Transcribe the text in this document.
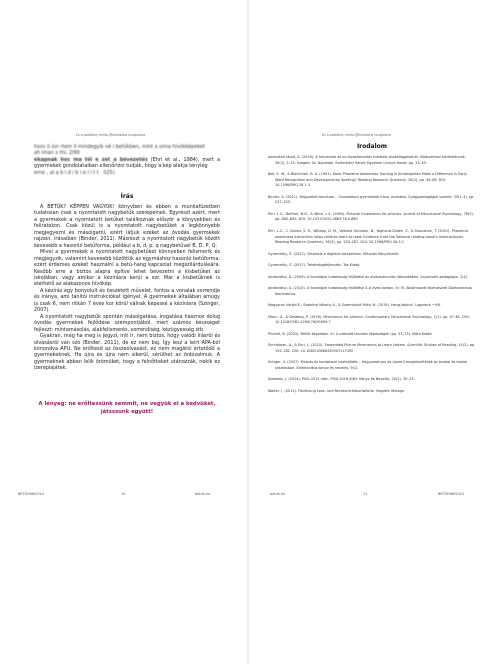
Ez a petőlény minta-@mintaoha Ivsisjoleria

hozv Ii ion rtem ll mindegyik né i betűkben, mint a sima hívókképeket

ah lman s thi, 2l90

ekapnak hoc ma tél e zet a bévezetés (Ehri et al., 1984), mert a gyermekek gondolataiban ellenőrizni tudják, hogy a kép alakja tényleg

erne , al a b l d i b l e l i t t . 025).

Írás

A BETŰK? KÉPPEN VAGYOK! könyvben és ebben a munkafüzetben tudatosan csak a nyomtatott nagybetűk szerepelnek. Egyrészt azért, mert a gyermekek a nyomtatott betűket találkoznak először a könyvekben és feliratokon. Csak közül is a nyomtatott nagybetűket a legkönnyebb megjegyezni és másolgatni, ezért látjuk ezeket az óvodás gyermekek rajzain, írásaiban (Binder, 2011). Másrészt a nyomtatott nagybetűk között kevesebb a hasonló betűforma, például a b, d, p, q nagybetűvel B, D, P, Q.

Mivel a gyermekek a nyomtatott nagybetűket könnyeben felismerik és megjegyzik, valamint kevesebb közöttük az egymáshoz hasonló betűforma, ezért érdemes ezeket használni a betű-hang kapcsolat megszilárdulására. Később erre a biztos alapra építve lehet bevezetni a kisbetűket az iskolában, vagy amikor a kézírásra kerül a sor. Már a kisbetűknek is elérhető az alakazonos hívókép.

A kézírás egy bonyolult és összetett művelet, fontos a vonalak sorrendje és iránya, ami tanítói instrukciókat igényel. A gyermekek általában amúgy is csak 6, nem ritkán 7 éves kor körül válnak képessé a kézírásra (Szinger, 2007).

A nyomtatott nagybetűk spontán másolgatása, írogatása hasznos dolog óvodás gyermekek fejlődése szempontjából, mert számos készséget fejleszt: mintamásolás, alakfelismerés, sorrendiség, kézügyesség stb.

Gyakran, még ha meg is jegyzi, mit ír, nem biztos, hogy valódi írásról és olvasásról van szó (Binder, 2011), de ez nem baj. Így lesz a leírt APA-ból kimondva APU. Ne erőltesd az összeolvasást, ez nem magától értetődő a gyermekeknek. Ha újra és újra nem sikerül, sérülhet az önbizalmuk. A gyermeknek abban lelik örömüket, hogy a felnőtteket utánozzák, nekik ez ízereplajátek.

A lényeg: ne erőltessünk semmit, ne vegyük el a kedvüket,
játsszunk együtt!
BETŰHANGOLÓ	10	betuk.hu
Ez a petőlény minta-@mintaoha Ivsisjoleria
Irodalom
Adamikné Jászó, A. (2019). A helyesírás és az olvasástanítás módszer összefüggéseiről. Módszertani közlemények, 59(2), 3–15. Szeged: Sz. Nyomdai, Eszterházy Károly Egyetem Líceum Kiadó. pp. 33–49.
Ball, E. W., & Blachman, B. A. (1991). Does Phoneme Awareness Training in Kindergarten Make a Difference in Early Word Recognition and Developmental Spelling? Reading Research Quarterly, 26(1), pp. 49–66. DOI: 10.1598/RRQ.26.1.3
Binder, A. (2011). Magyarból tanultam... Óvodáskorú gyermekek írása, olvasása. Gyógypedagógiai szemle, 39(1–4), pp. 237–250.
Ehri, L.C., Deffner, N.D., & Wilce, L.S. (1984). Pictorial mnemonics for phonics. Journal of Educational Psychology, 76(5), pp. 880–893. DOI: 10.1037/0022-0663.76.5.880
Ehri, L.C., C. Nunes, S. R., Willows, D. M., Valeska Schuster, B., Yaghoub-Zadeh, Z., & Shanahan, T. (2001). Phonemic awareness instruction helps children learn to read: Evidence from the National reading panel's meta-analysis. Reading Research Quarterly, 36(3), pp. 250–287. DOI: 10.1598/RRQ.36.3.2
Gyarmathy, É. (2012). Diszlexia a digitális korszakban. Műszaki Könyvkiadó.
Gyarmathy, É. (2017). Tehetséggfejlesztés. Tas Kiadó.
Jordanidisz, Á. (2009). A fonológiai tudatosság fejlődése az olvasástanulás időszakában. Anyanyelv-pedagógia, 2(4).
Jordanidisz, Á. (2010). A fonológiai tudatosság fejlődése 4–6 éves korban. In: IV. Alkalmazott Nyelvészeti Doktorandusz Konferencia.
Magyaran Varkói E., Szabóné Vékony A., & Szatmáriné Mályi N. (2019). Hang-képcsil, Logotech • Kft.
Mann, G., & Desberg, P. (1976). Mnemonics for phonics. Contemporary Educational Psychology, 1(1), pp. 57–61. DOI: 10.1016/0361-476X(76)90009-7
Plickné, B. (2003). Betűk képekben. In: A szöszólt tanulási képességek (pp. 53–73). Móra Kiadó.
Shmidman, A., & Ehri, L. (2010). Embedded Picture Mnemonics to Learn Letters. Scientific Studies of Reading, 14(2), pp. 159–182. DOI: 10.1080/10888430903117492
Szinger, V. (2007). Kisárás és bontakozó írásfejlődés – Hagyományos és újszerű megközelítések az óvodai és iskolai oktatásban. Elektronikus könyv és nevelés, 9(1).
Szekeles, J. (2014). PISA 2015 után. PISA 2018 előtt. Könyv és Nevelés, 20(1), 30–43.
Walter, J. (2011). Förderung Lese- und Rechtschreibschwäche. Hogrefe Verlage.
betuk.hu	11	BETŰHANGOLÓ
